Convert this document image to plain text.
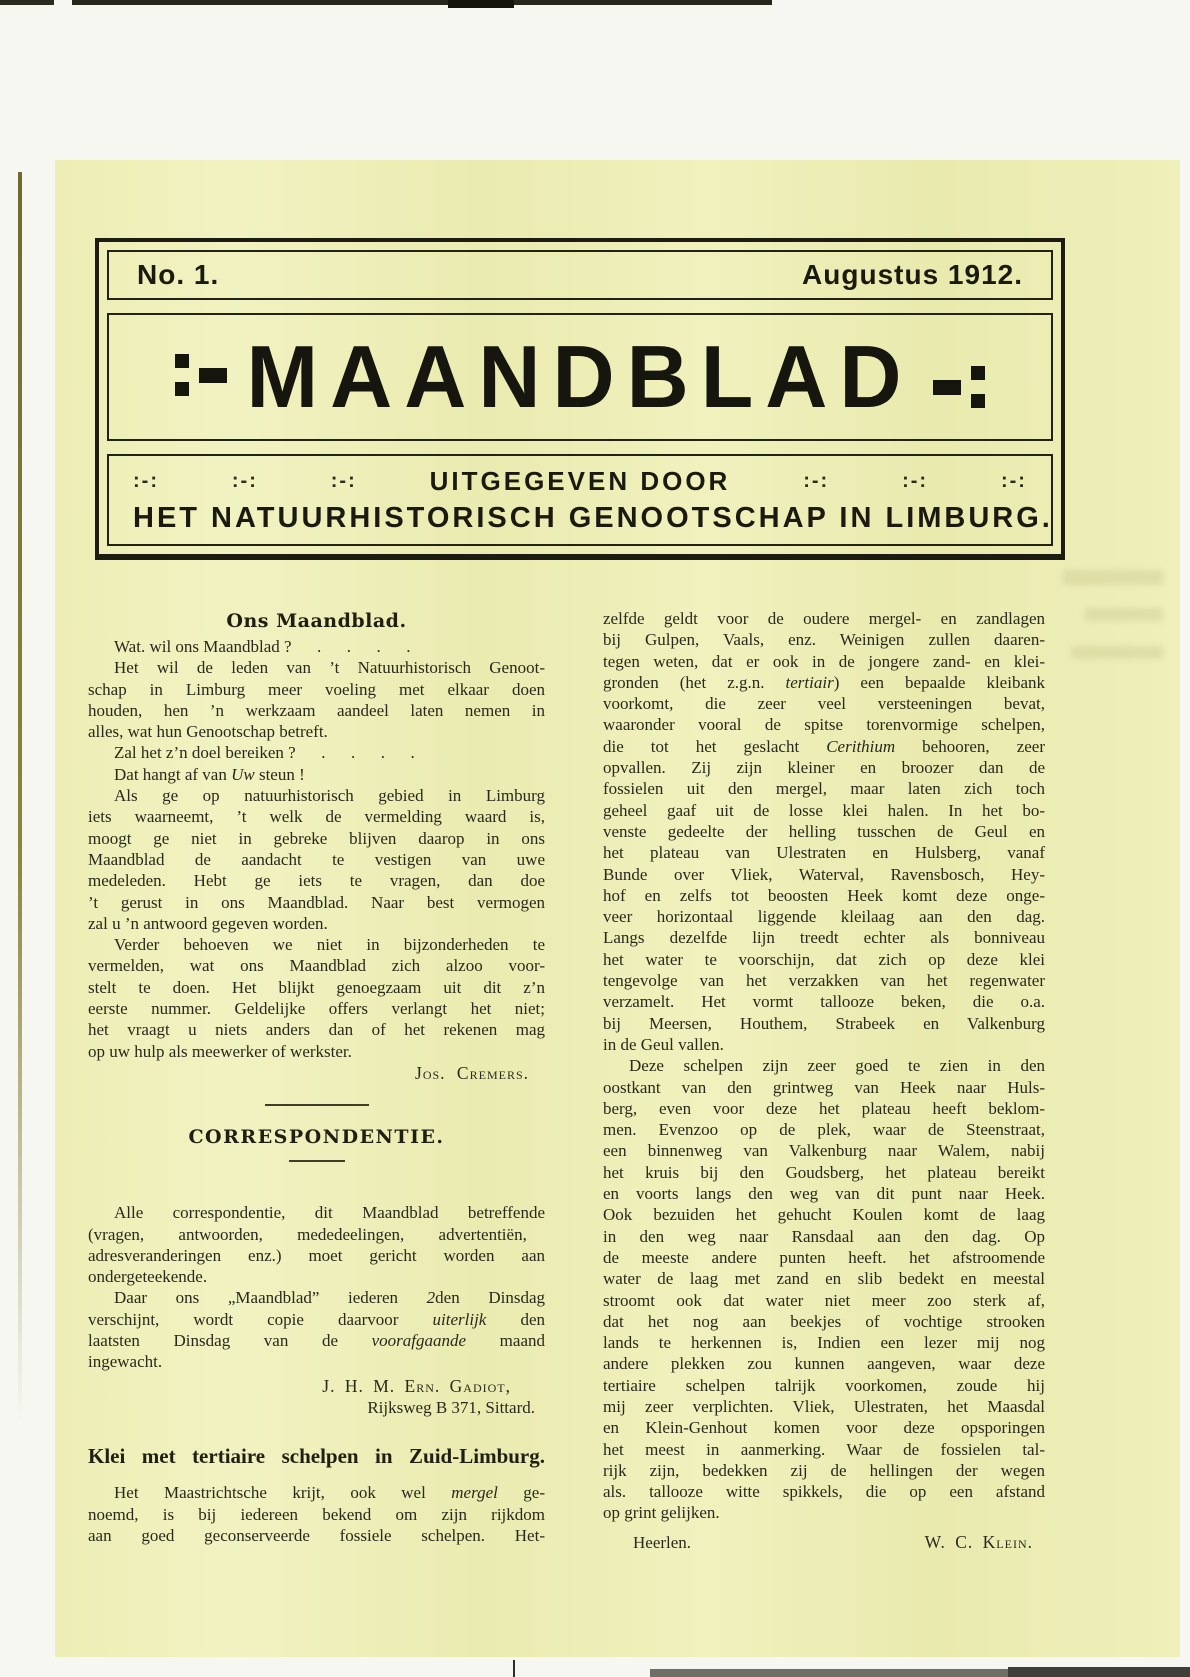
No. 1.	Augustus 1912.
MAANDBLAD
:-:	:-:	:-:	UITGEGEVEN DOOR	:-:	:-:	:-:
HET NATUURHISTORISCH GENOOTSCHAP IN LIMBURG.
Ons Maandblad.
Wat. wil ons Maandblad ?  .  .  .  .
Het wil de leden van ’t Natuurhistorisch Genoot-
schap in Limburg meer voeling met elkaar doen
houden, hen ’n werkzaam aandeel laten nemen in
alles, wat hun Genootschap betreft.
Zal het z’n doel bereiken ?  .  .  .  .
Dat hangt af van Uw steun !
Als ge op natuurhistorisch gebied in Limburg
iets waarneemt, ’t welk de vermelding waard is,
moogt ge niet in gebreke blijven daarop in ons
Maandblad de aandacht te vestigen van uwe
medeleden. Hebt ge iets te vragen, dan doe
’t gerust in ons Maandblad. Naar best vermogen
zal u ’n antwoord gegeven worden.
Verder behoeven we niet in bijzonderheden te
vermelden, wat ons Maandblad zich alzoo voor-
stelt te doen. Het blijkt genoegzaam uit dit z’n
eerste nummer. Geldelijke offers verlangt het niet;
het vraagt u niets anders dan of het rekenen mag
op uw hulp als meewerker of werkster.
Jos. Cremers.
CORRESPONDENTIE.
Alle correspondentie, dit Maandblad betreffende
(vragen, antwoorden, mededeelingen, advertentiën,
adresveranderingen enz.) moet gericht worden aan
ondergeteekende.
Daar ons „Maandblad” iederen 2den Dinsdag
verschijnt, wordt copie daarvoor uiterlijk den
laatsten Dinsdag van de voorafgaande maand
ingewacht.
J. H. M. Ern. Gadiot,
Rijksweg B 371, Sittard.
Klei met tertiaire schelpen in Zuid-Limburg.
Het Maastrichtsche krijt, ook wel mergel ge-
noemd, is bij iedereen bekend om zijn rijkdom
aan goed geconserveerde fossiele schelpen. Het-
zelfde geldt voor de oudere mergel- en zandlagen
bij Gulpen, Vaals, enz. Weinigen zullen daaren-
tegen weten, dat er ook in de jongere zand- en klei-
gronden (het z.g.n. tertiair) een bepaalde kleibank
voorkomt, die zeer veel versteeningen bevat,
waaronder vooral de spitse torenvormige schelpen,
die tot het geslacht Cerithium behooren, zeer
opvallen. Zij zijn kleiner en broozer dan de
fossielen uit den mergel, maar laten zich toch
geheel gaaf uit de losse klei halen. In het bo-
venste gedeelte der helling tusschen de Geul en
het plateau van Ulestraten en Hulsberg, vanaf
Bunde over Vliek, Waterval, Ravensbosch, Hey-
hof en zelfs tot beoosten Heek komt deze onge-
veer horizontaal liggende kleilaag aan den dag.
Langs dezelfde lijn treedt echter als bonniveau
het water te voorschijn, dat zich op deze klei
tengevolge van het verzakken van het regenwater
verzamelt. Het vormt tallooze beken, die o.a.
bij Meersen, Houthem, Strabeek en Valkenburg
in de Geul vallen.
Deze schelpen zijn zeer goed te zien in den
oostkant van den grintweg van Heek naar Huls-
berg, even voor deze het plateau heeft beklom-
men. Evenzoo op de plek, waar de Steenstraat,
een binnenweg van Valkenburg naar Walem, nabij
het kruis bij den Goudsberg, het plateau bereikt
en voorts langs den weg van dit punt naar Heek.
Ook bezuiden het gehucht Koulen komt de laag
in den weg naar Ransdaal aan den dag. Op
de meeste andere punten heeft. het afstroomende
water de laag met zand en slib bedekt en meestal
stroomt ook dat water niet meer zoo sterk af,
dat het nog aan beekjes of vochtige strooken
lands te herkennen is, Indien een lezer mij nog
andere plekken zou kunnen aangeven, waar deze
tertiaire schelpen talrijk voorkomen, zoude hij
mij zeer verplichten. Vliek, Ulestraten, het Maasdal
en Klein-Genhout komen voor deze opsporingen
het meest in aanmerking. Waar de fossielen tal-
rijk zijn, bedekken zij de hellingen der wegen
als. tallooze witte spikkels, die op een afstand
op grint gelijken.
Heerlen.	W. C. Klein.
